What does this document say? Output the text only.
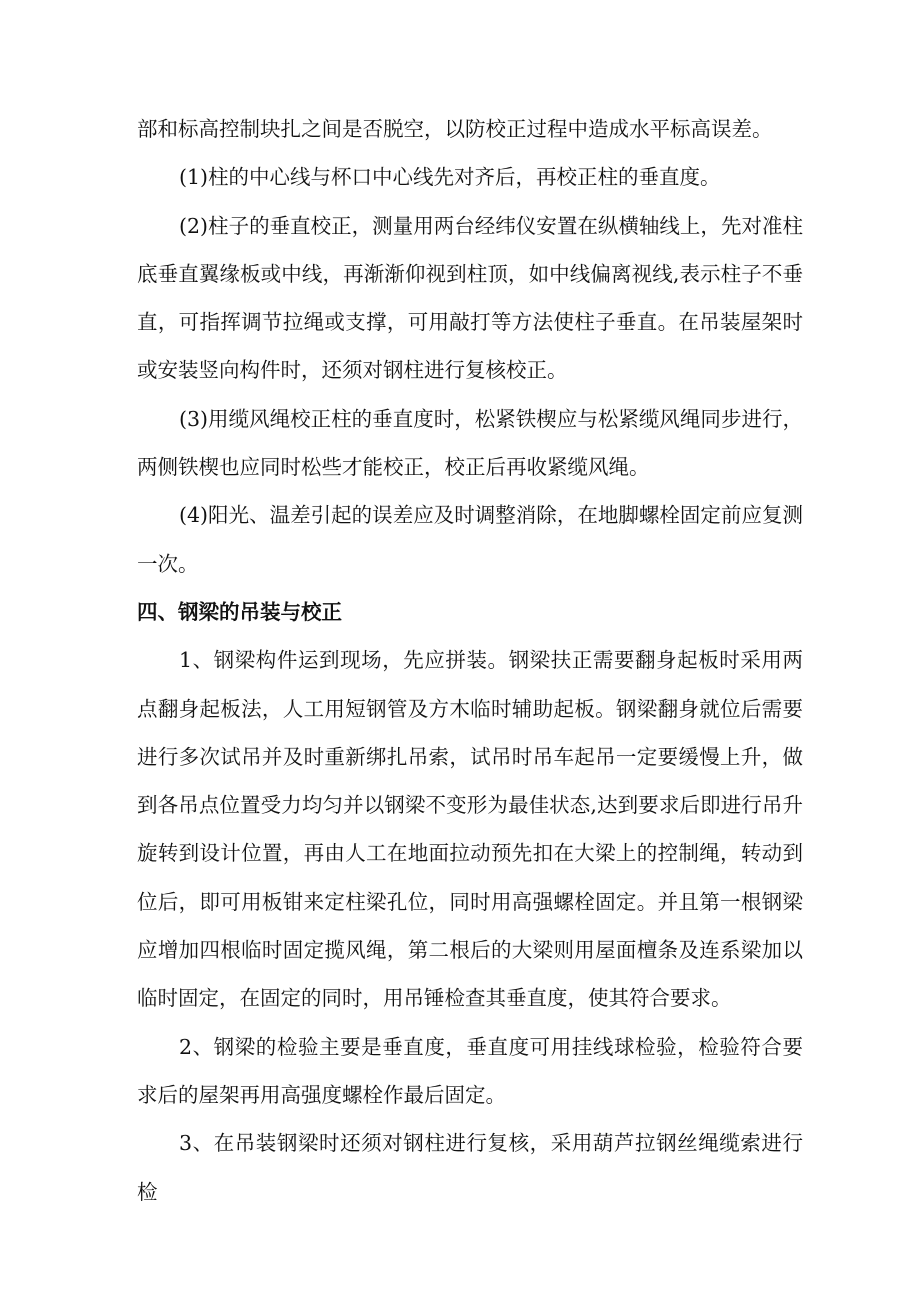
部和标高控制块扎之间是否脱空，以防校正过程中造成水平标高误差。

(1)柱的中心线与杯口中心线先对齐后，再校正柱的垂直度。

(2)柱子的垂直校正，测量用两台经纬仪安置在纵横轴线上，先对准柱底垂直翼缘板或中线，再渐渐仰视到柱顶，如中线偏离视线,表示柱子不垂直，可指挥调节拉绳或支撑，可用敲打等方法使柱子垂直。在吊装屋架时或安装竖向构件时，还须对钢柱进行复核校正。

(3)用缆风绳校正柱的垂直度时，松紧铁楔应与松紧缆风绳同步进行，两侧铁楔也应同时松些才能校正，校正后再收紧缆风绳。

(4)阳光、温差引起的误差应及时调整消除，在地脚螺栓固定前应复测一次。

四、钢梁的吊装与校正

1、钢梁构件运到现场，先应拼装。钢梁扶正需要翻身起板时采用两点翻身起板法，人工用短钢管及方木临时辅助起板。钢梁翻身就位后需要进行多次试吊并及时重新绑扎吊索，试吊时吊车起吊一定要缓慢上升，做到各吊点位置受力均匀并以钢梁不变形为最佳状态,达到要求后即进行吊升旋转到设计位置，再由人工在地面拉动预先扣在大梁上的控制绳，转动到位后，即可用板钳来定柱梁孔位，同时用高强螺栓固定。并且第一根钢梁应增加四根临时固定揽风绳，第二根后的大梁则用屋面檀条及连系梁加以临时固定，在固定的同时，用吊锤检查其垂直度，使其符合要求。

2、钢梁的检验主要是垂直度，垂直度可用挂线球检验，检验符合要求后的屋架再用高强度螺栓作最后固定。

3、在吊装钢梁时还须对钢柱进行复核，采用葫芦拉钢丝绳缆索进行检
